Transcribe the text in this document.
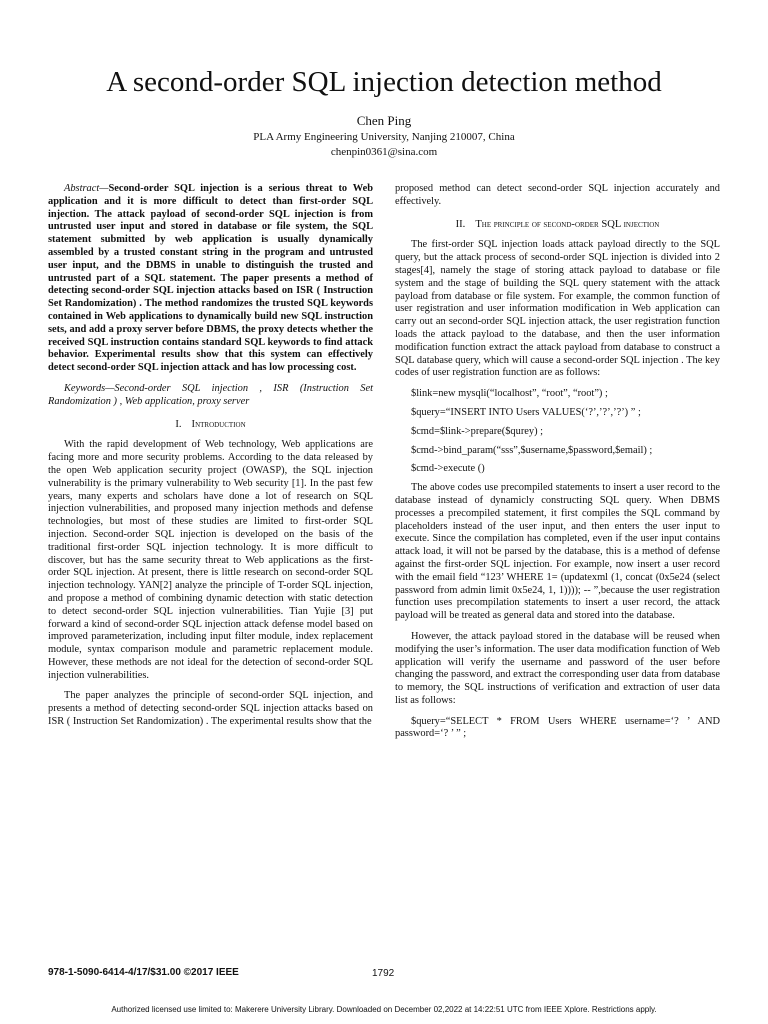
A second-order SQL injection detection method
Chen Ping
PLA Army Engineering University, Nanjing 210007, China
chenpin0361@sina.com

Abstract—Second-order SQL injection is a serious threat to Web application and it is more difficult to detect than first-order SQL injection. The attack payload of second-order SQL injection is from untrusted user input and stored in database or file system, the SQL statement submitted by web application is usually dynamically assembled by a trusted constant string in the program and untrusted user input, and the DBMS in unable to distinguish the trusted and untrusted part of a SQL statement. The paper presents a method of detecting second-order SQL injection attacks based on ISR ( Instruction Set Randomization) . The method randomizes the trusted SQL keywords contained in Web applications to dynamically build new SQL instruction sets, and add a proxy server before DBMS, the proxy detects whether the received SQL instruction contains standard SQL keywords to find attack behavior. Experimental results show that this system can effectively detect second-order SQL injection attack and has low processing cost.

Keywords—Second-order SQL injection , ISR (Instruction Set Randomization ) , Web application, proxy server

I. Introduction

With the rapid development of Web technology, Web applications are facing more and more security problems. According to the data released by the open Web application security project (OWASP), the SQL injection vulnerability is the primary vulnerability to Web security [1]. In the past few years, many experts and scholars have done a lot of research on SQL injection vulnerabilities, and proposed many injection methods and defense technologies, but most of these studies are limited to first-order SQL injection. Second-order SQL injection is developed on the basis of the traditional first-order SQL injection technology. It is more difficult to discover, but has the same security threat to Web applications as the first-order SQL injection. At present, there is little research on second-order SQL injection technology. YAN[2] analyze the principle of T-order SQL injection, and propose a method of combining dynamic detection with static detection to detect second-order SQL injection vulnerabilities. Tian Yujie [3] put forward a kind of second-order SQL injection attack defense model based on improved parameterization, including input filter module, index replacement module, syntax comparison module and parametric replacement module. However, these methods are not ideal for the detection of second-order SQL injection vulnerabilities.

The paper analyzes the principle of second-order SQL injection, and presents a method of detecting second-order SQL injection attacks based on ISR ( Instruction Set Randomization) . The experimental results show that the

proposed method can detect second-order SQL injection accurately and effectively.

II. The principle of second-order SQL injection

The first-order SQL injection loads attack payload directly to the SQL query, but the attack process of second-order SQL injection is divided into 2 stages[4], namely the stage of storing attack payload to database or file system and the stage of building the SQL query statement with the attack payload from database or file system. For example, the common function of user registration and user information modification in Web application can carry out an second-order SQL injection attack, the user registration function loads the attack payload to the database, and then the user information modification function extract the attack payload from database to construct a SQL database query, which will cause a second-order SQL injection . The key codes of user registration function are as follows:

$link=new mysqli(“localhost”, “root”, “root”) ;
$query=“INSERT INTO Users VALUES(‘?’,’?’,’?’) ” ;
$cmd=$link->prepare($qurey) ;
$cmd->bind_param(“sss”,$username,$password,$email) ;
$cmd->execute ()

The above codes use precompiled statements to insert a user record to the database instead of dynamicly constructing SQL query. When DBMS processes a precompiled statement, it first compiles the SQL command by placeholders instead of the user input, and then enters the user input to execute. Since the compilation has completed, even if the user input contains attack load, it will not be parsed by the database, this is a method of defense against the first-order SQL injection. For example, now insert a user record with the email field “123’ WHERE 1= (updatexml (1, concat (0x5e24 (select password from admin limit 0x5e24, 1, 1)))); -- ”,because the user registration function uses precompilation statements to insert a user record, the attack payload will be treated as general data and stored into the database.

However, the attack payload stored in the database will be reused when modifying the user’s information. The user data modification function of Web application will verify the username and password of the user before changing the password, and extract the corresponding user data from database to memory, the SQL instructions of verification and extraction of user data list as follows:

$query=“SELECT * FROM Users WHERE username=‘? ’ AND password=‘? ’ ” ;
978-1-5090-6414-4/17/$31.00 ©2017 IEEE	1792
Authorized licensed use limited to: Makerere University Library. Downloaded on December 02,2022 at 14:22:51 UTC from IEEE Xplore. Restrictions apply.
